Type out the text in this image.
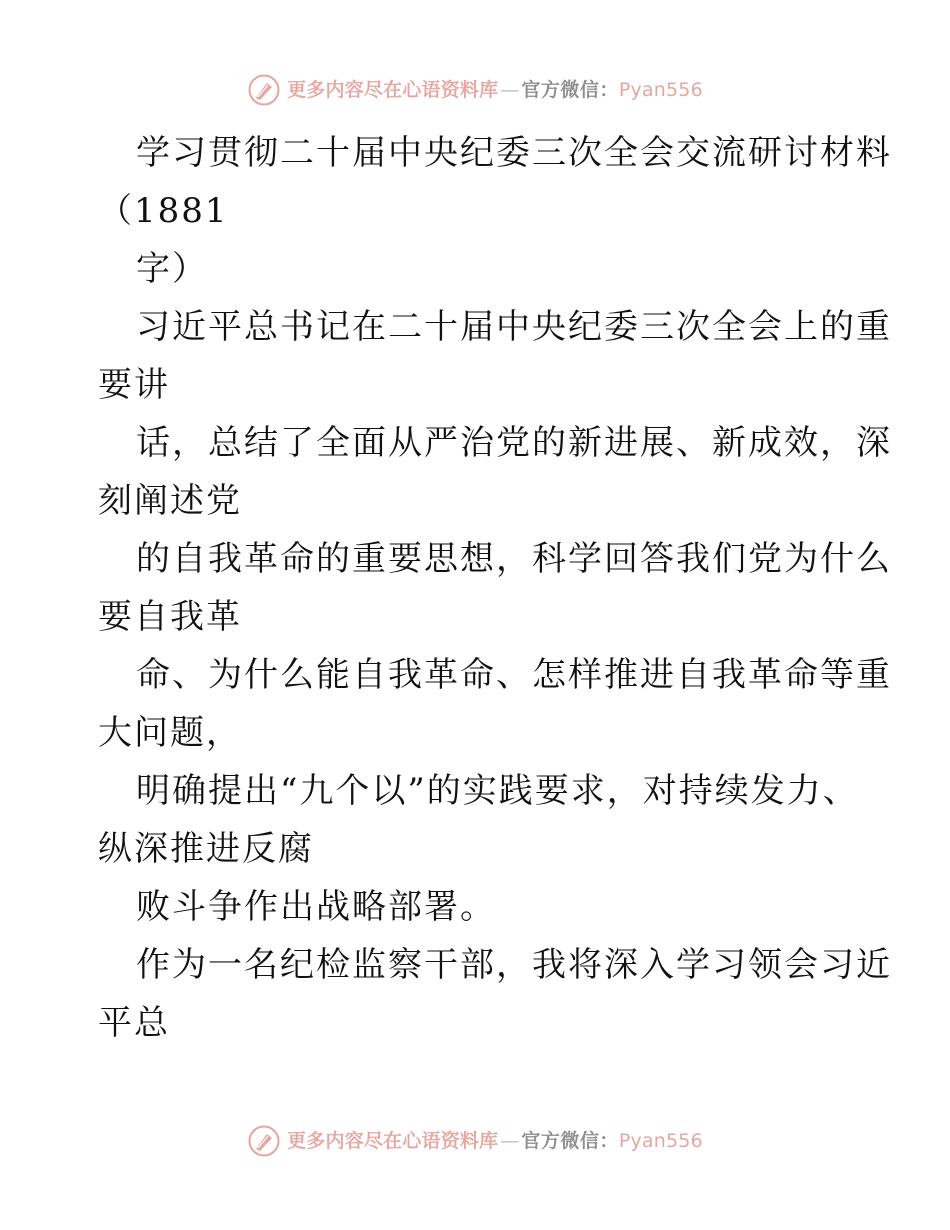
更多内容尽在心语资料库 — 官方微信：Pyan556
学习贯彻二十届中央纪委三次全会交流研讨材料
（1881
字）
习近平总书记在二十届中央纪委三次全会上的重
要讲
话，总结了全面从严治党的新进展、新成效，深
刻阐述党
的自我革命的重要思想，科学回答我们党为什么
要自我革
命、为什么能自我革命、怎样推进自我革命等重
大问题，
明确提出“九个以”的实践要求，对持续发力、
纵深推进反腐
败斗争作出战略部署。
作为一名纪检监察干部，我将深入学习领会习近
平总
更多内容尽在心语资料库 — 官方微信：Pyan556
